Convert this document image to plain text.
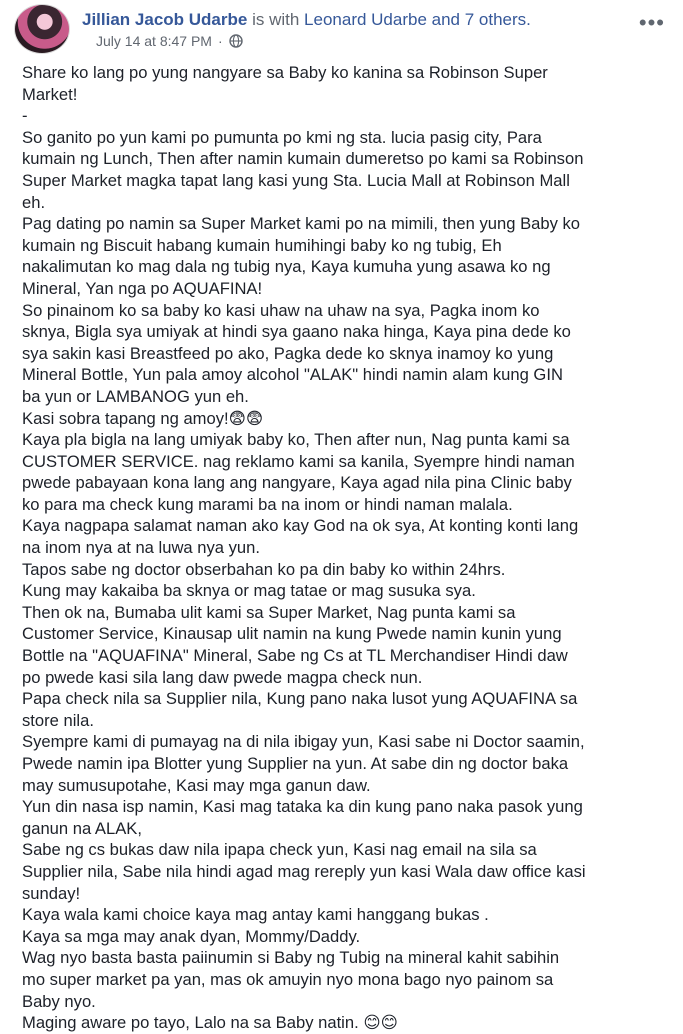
Jillian Jacob Udarbe is with Leonard Udarbe and 7 others.
July 14 at 8:47 PM ·
•••

Share ko lang po yung nangyare sa Baby ko kanina sa Robinson Super

Market!

-

So ganito po yun kami po pumunta po kmi ng sta. lucia pasig city, Para

kumain ng Lunch, Then after namin kumain dumeretso po kami sa Robinson

Super Market magka tapat lang kasi yung Sta. Lucia Mall at Robinson Mall

eh.

Pag dating po namin sa Super Market kami po na mimili, then yung Baby ko

kumain ng Biscuit habang kumain humihingi baby ko ng tubig, Eh

nakalimutan ko mag dala ng tubig nya, Kaya kumuha yung asawa ko ng

Mineral, Yan nga po AQUAFINA!

So pinainom ko sa baby ko kasi uhaw na uhaw na sya, Pagka inom ko

sknya, Bigla sya umiyak at hindi sya gaano naka hinga, Kaya pina dede ko

sya sakin kasi Breastfeed po ako, Pagka dede ko sknya inamoy ko yung

Mineral Bottle, Yun pala amoy alcohol "ALAK" hindi namin alam kung GIN

ba yun or LAMBANOG yun eh.

Kasi sobra tapang ng amoy!😨😨

Kaya pla bigla na lang umiyak baby ko, Then after nun, Nag punta kami sa

CUSTOMER SERVICE. nag reklamo kami sa kanila, Syempre hindi naman

pwede pabayaan kona lang ang nangyare, Kaya agad nila pina Clinic baby

ko para ma check kung marami ba na inom or hindi naman malala.

Kaya nagpapa salamat naman ako kay God na ok sya, At konting konti lang

na inom nya at na luwa nya yun.

Tapos sabe ng doctor obserbahan ko pa din baby ko within 24hrs.

Kung may kakaiba ba sknya or mag tatae or mag susuka sya.

Then ok na, Bumaba ulit kami sa Super Market, Nag punta kami sa

Customer Service, Kinausap ulit namin na kung Pwede namin kunin yung

Bottle na "AQUAFINA" Mineral, Sabe ng Cs at TL Merchandiser Hindi daw

po pwede kasi sila lang daw pwede magpa check nun.

Papa check nila sa Supplier nila, Kung pano naka lusot yung AQUAFINA sa

store nila.

Syempre kami di pumayag na di nila ibigay yun, Kasi sabe ni Doctor saamin,

Pwede namin ipa Blotter yung Supplier na yun. At sabe din ng doctor baka

may sumusupotahe, Kasi may mga ganun daw.

Yun din nasa isp namin, Kasi mag tataka ka din kung pano naka pasok yung

ganun na ALAK,

Sabe ng cs bukas daw nila ipapa check yun, Kasi nag email na sila sa

Supplier nila, Sabe nila hindi agad mag rereply yun kasi Wala daw office kasi

sunday!

Kaya wala kami choice kaya mag antay kami hanggang bukas .

Kaya sa mga may anak dyan, Mommy/Daddy.

Wag nyo basta basta paiinumin si Baby ng Tubig na mineral kahit sabihin

mo super market pa yan, mas ok amuyin nyo mona bago nyo painom sa

Baby nyo.

Maging aware po tayo, Lalo na sa Baby natin. 😊😊
